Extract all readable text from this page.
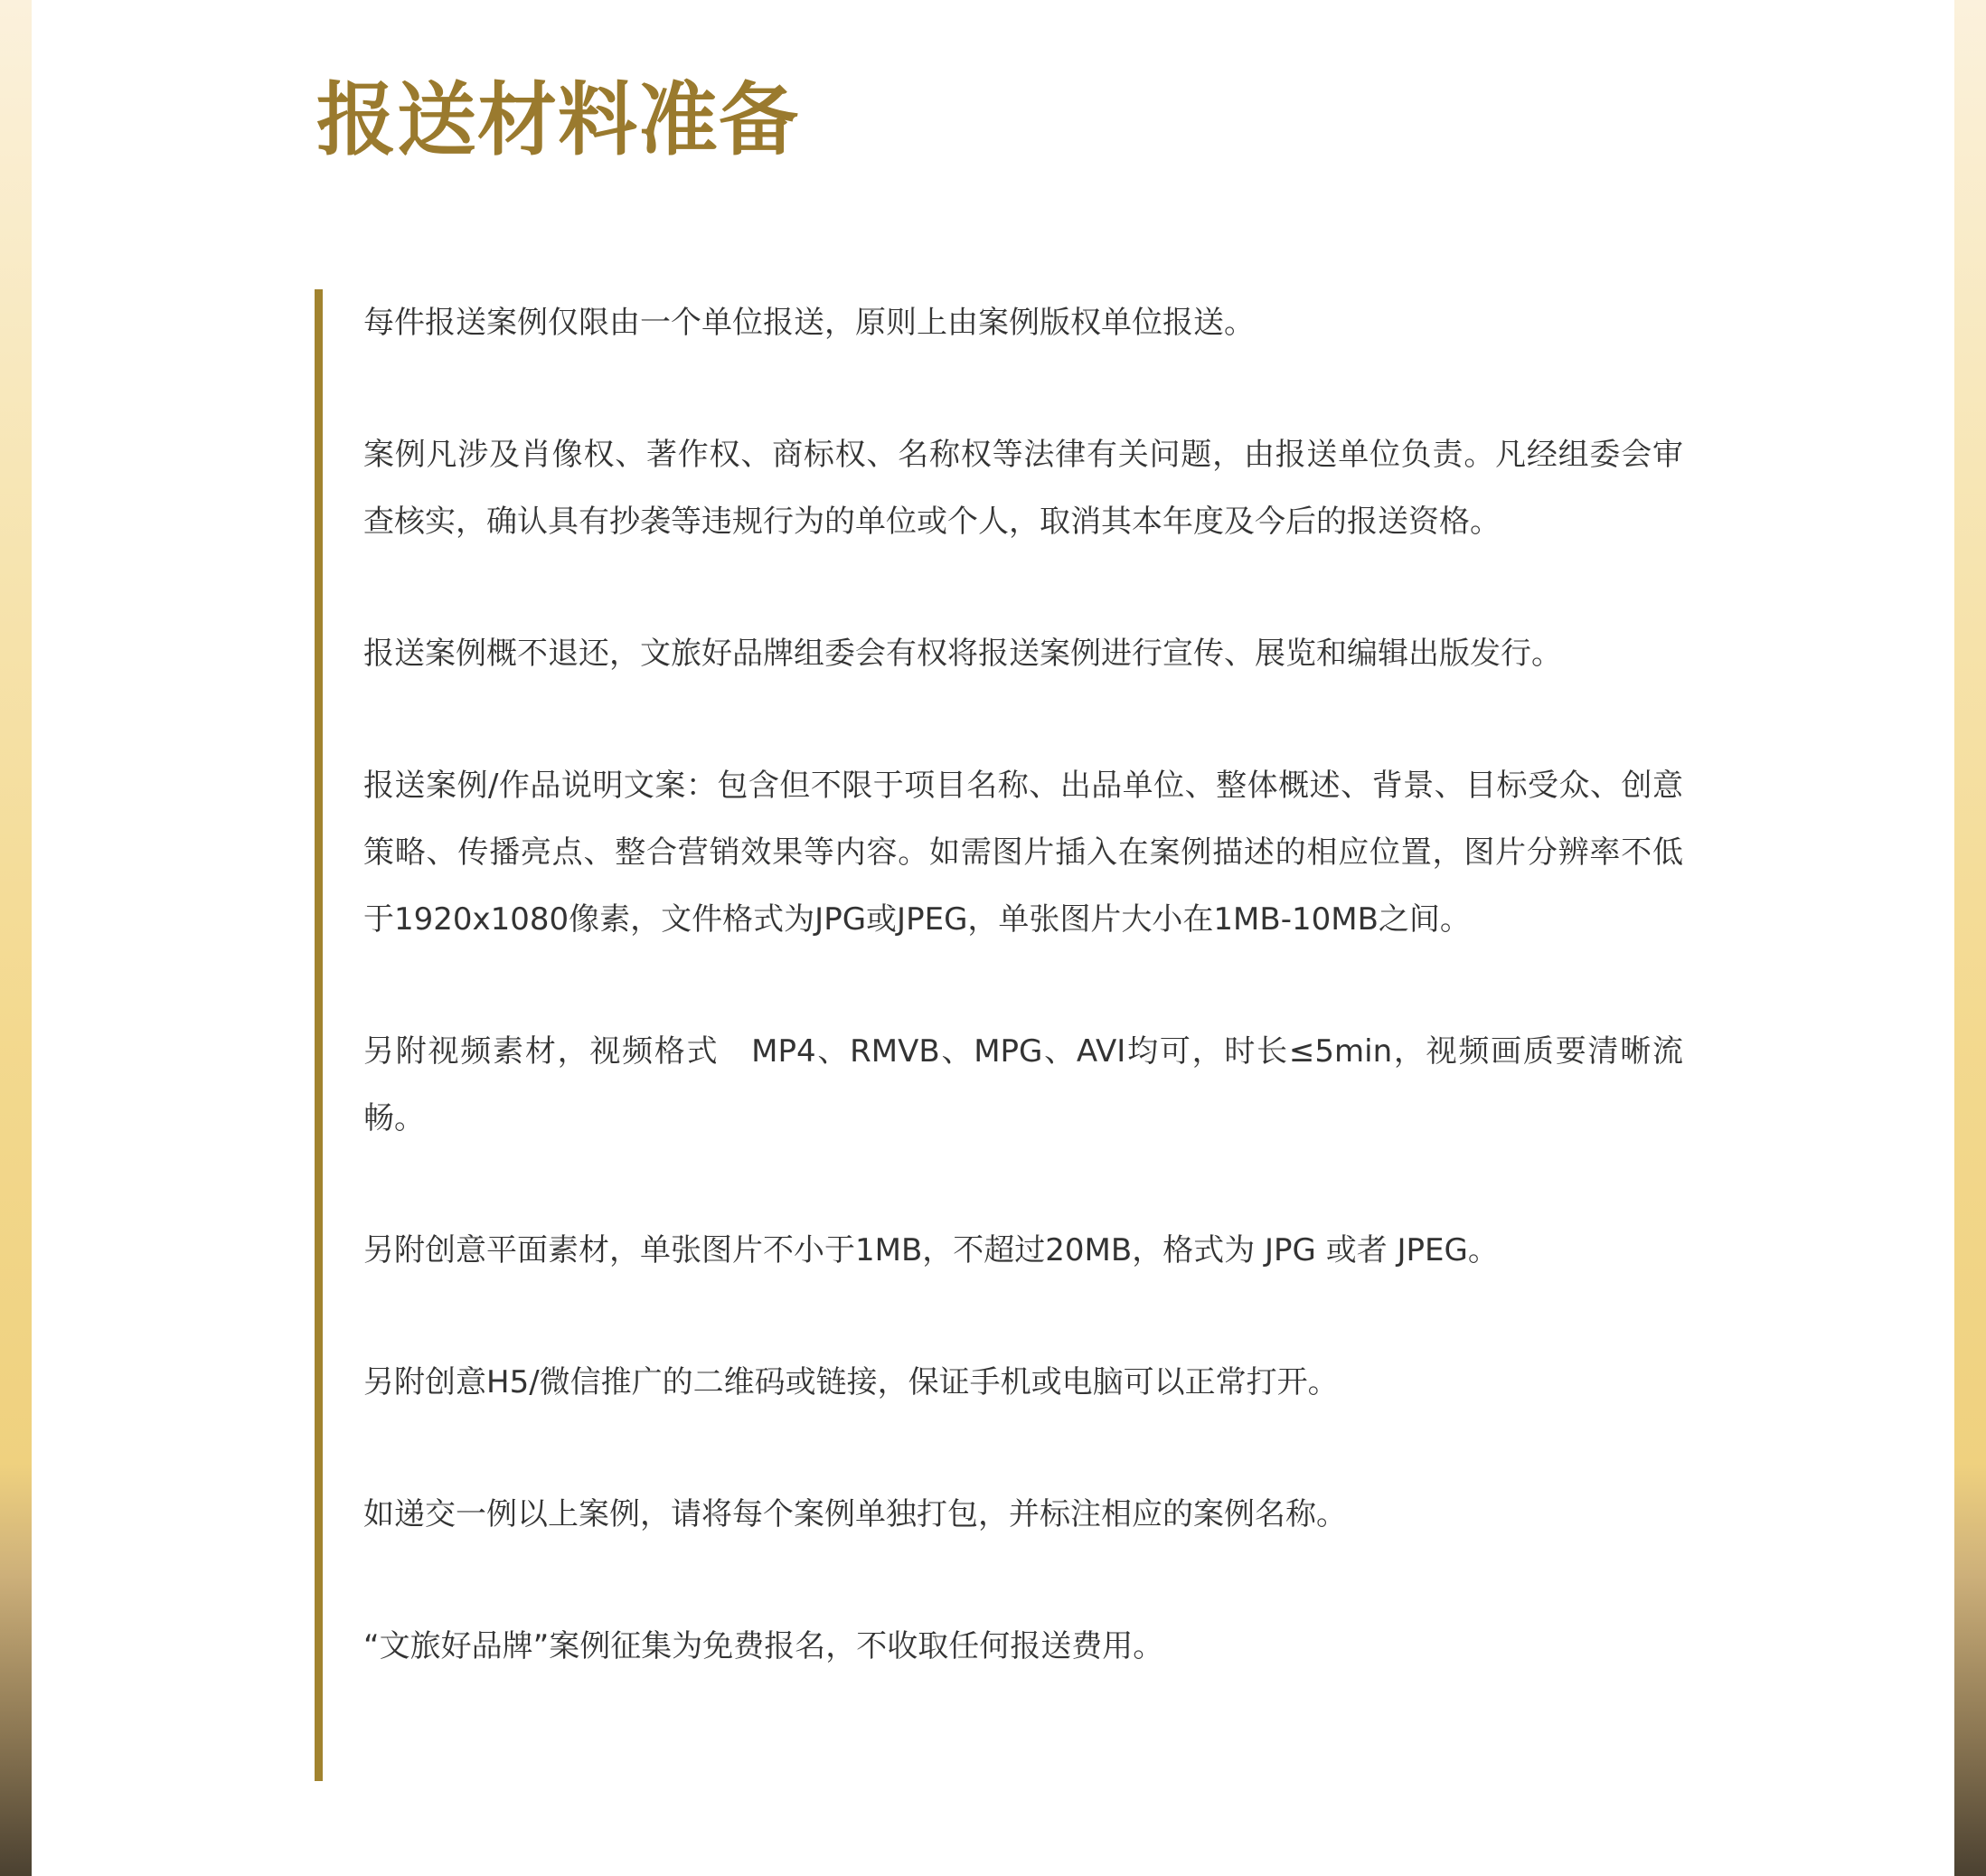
报送材料准备

每件报送案例仅限由一个单位报送，原则上由案例版权单位报送。

案例凡涉及肖像权、著作权、商标权、名称权等法律有关问题，由报送单位负责。凡经组委会审查核实，确认具有抄袭等违规行为的单位或个人，取消其本年度及今后的报送资格。

报送案例概不退还，文旅好品牌组委会有权将报送案例进行宣传、展览和编辑出版发行。

报送案例/作品说明文案：包含但不限于项目名称、出品单位、整体概述、背景、目标受众、创意策略、传播亮点、整合营销效果等内容。如需图片插入在案例描述的相应位置，图片分辨率不低于1920x1080像素，文件格式为JPG或JPEG，单张图片大小在1MB-10MB之间。

另附视频素材，视频格式　MP4、RMVB、MPG、AVI均可，时长≤5min，视频画质要清晰流畅。

另附创意平面素材，单张图片不小于1MB，不超过20MB，格式为 JPG 或者 JPEG。

另附创意H5/微信推广的二维码或链接，保证手机或电脑可以正常打开。

如递交一例以上案例，请将每个案例单独打包，并标注相应的案例名称。

“文旅好品牌”案例征集为免费报名，不收取任何报送费用。
